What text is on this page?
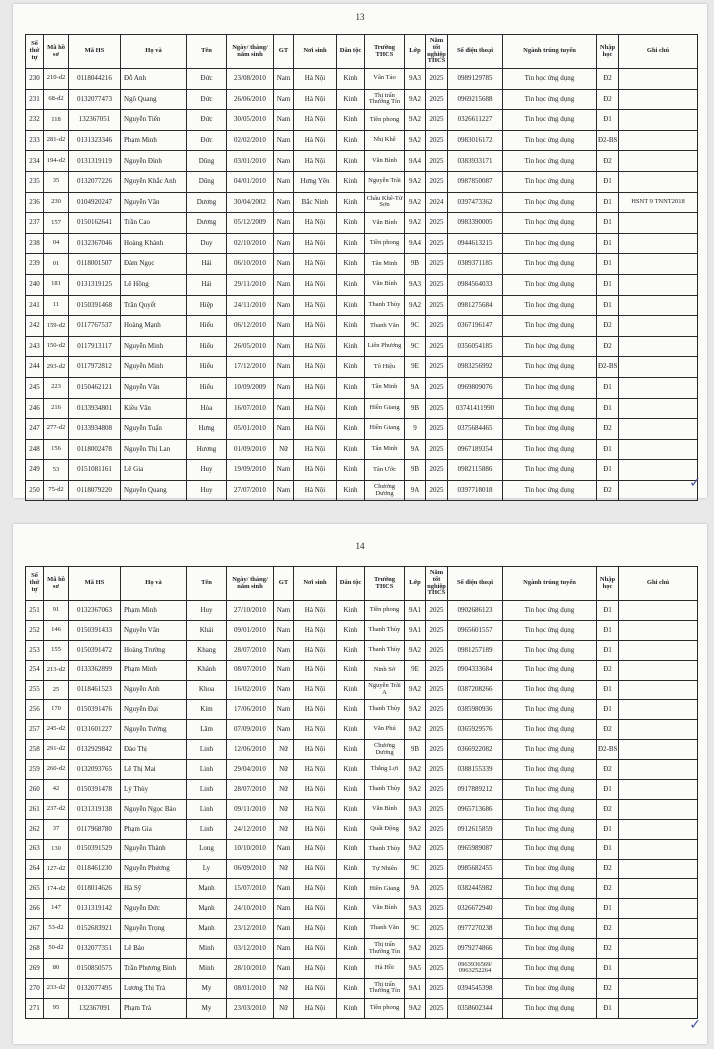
13
Số thứ tự	Mã hồ sơ	Mã HS	Họ và	Tên	Ngày/ tháng/ năm sinh	GT	Nơi sinh	Dân tộc	Trường THCS	Lớp	Năm tốt nghiệp THCS	Số điện thoại	Ngành trúng tuyển	Nhập học	Ghi chú
230	210-d2	0118044216	Đỗ Anh	Đức	23/08/2010	Nam	Hà Nội	Kinh	Vân Tảo	9A3	2025	0989129785	Tin học ứng dụng	Đ2	
231	68-d2	0132077473	Ngô Quang	Đức	26/06/2010	Nam	Hà Nội	Kinh	Thị trấn Thường Tín	9A2	2025	0969215688	Tin học ứng dụng	Đ2	
232	118	132367051	Nguyễn Tiến	Đức	30/05/2010	Nam	Hà Nội	Kinh	Tiền phong	9A2	2025	0326611227	Tin học ứng dụng	Đ1	
233	281-d2	0131323346	Phạm Minh	Đức	02/02/2010	Nam	Hà Nội	Kinh	Nhị Khê	9A2	2025	0983016172	Tin học ứng dụng	Đ2-BS	
234	194-d2	0131319119	Nguyễn Đình	Dũng	03/01/2010	Nam	Hà Nội	Kinh	Văn Bình	9A4	2025	0383933171	Tin học ứng dụng	Đ2	
235	35	0132077226	Nguyễn Khắc Anh	Dũng	04/01/2010	Nam	Hưng Yên	Kinh	Nguyễn Trãi	9A2	2025	0987850087	Tin học ứng dụng	Đ1	
236	230	0104920247	Nguyễn Văn	Dương	30/04/2002	Nam	Bắc Ninh	Kinh	Châu Khê-Từ Sơn	9A2	2024	0397473362	Tin học ứng dụng	Đ1	HSNT 9 TNNT2018
237	157	0150162641	Trần Cao	Dương	05/12/2009	Nam	Hà Nội	Kinh	Văn Bình	9A2	2025	0983390005	Tin học ứng dụng	Đ1	
238	04	0132367046	Hoàng Khánh	Duy	02/10/2010	Nam	Hà Nội	Kinh	Tiền phong	9A4	2025	0944613215	Tin học ứng dụng	Đ1	
239	01	0118001507	Đàm Ngọc	Hải	06/10/2010	Nam	Hà Nội	Kinh	Tân Minh	9B	2025	0389371185	Tin học ứng dụng	Đ1	
240	181	0131319125	Lê Hồng	Hải	29/11/2010	Nam	Hà Nội	Kinh	Văn Bình	9A3	2025	0984564033	Tin học ứng dụng	Đ1	
241	11	0150391468	Trần Quyết	Hiệp	24/11/2010	Nam	Hà Nội	Kinh	Thanh Thùy	9A2	2025	0981275684	Tin học ứng dụng	Đ1	
242	159-d2	0117767537	Hoàng Mạnh	Hiếu	06/12/2010	Nam	Hà Nội	Kinh	Thanh Văn	9C	2025	0367196147	Tin học ứng dụng	Đ2	
243	150-d2	0117913117	Nguyễn Minh	Hiếu	26/05/2010	Nam	Hà Nội	Kinh	Liên Phương	9C	2025	0356054185	Tin học ứng dụng	Đ2	
244	293-d2	0117972812	Nguyễn Minh	Hiếu	17/12/2010	Nam	Hà Nội	Kinh	Tô Hiệu	9E	2025	0983256992	Tin học ứng dụng	Đ2-BS	
245	223	0150462121	Nguyễn Văn	Hiếu	10/09/2009	Nam	Hà Nội	Kinh	Tân Minh	9A	2025	0969809076	Tin học ứng dụng	Đ1	
246	216	0133934801	Kiều Văn	Hòa	16/07/2010	Nam	Hà Nội	Kinh	Hiền Giang	9B	2025	03741411990	Tin học ứng dụng	Đ1	
247	277-d2	0133934808	Nguyễn Tuấn	Hưng	05/01/2010	Nam	Hà Nội	Kinh	Hiền Giang	9	2025	0375684465	Tin học ứng dụng	Đ2	
248	156	0118002478	Nguyễn Thị Lan	Hương	01/09/2010	Nữ	Hà Nội	Kinh	Tân Minh	9A	2025	0967189354	Tin học ứng dụng	Đ1	
249	53	0151081161	Lê Gia	Huy	19/09/2010	Nam	Hà Nội	Kinh	Tân Ước	9B	2025	0982115886	Tin học ứng dụng	Đ1	
250	75-d2	0118079220	Nguyễn Quang	Huy	27/07/2010	Nam	Hà Nội	Kinh	Chương Dương	9A	2025	0397718018	Tin học ứng dụng	Đ2		✓
14
Số thứ tự	Mã hồ sơ	Mã HS	Họ và	Tên	Ngày/ tháng/ năm sinh	GT	Nơi sinh	Dân tộc	Trường THCS	Lớp	Năm tốt nghiệp THCS	Số điện thoại	Ngành trúng tuyển	Nhập học	Ghi chú
251	91	0132367063	Phạm Minh	Huy	27/10/2010	Nam	Hà Nội	Kinh	Tiền phong	9A1	2025	0902686123	Tin học ứng dụng	Đ1	
252	146	0150391433	Nguyễn Văn	Khải	09/01/2010	Nam	Hà Nội	Kinh	Thanh Thùy	9A1	2025	0965601557	Tin học ứng dụng	Đ1	
253	155	0150391472	Hoàng Trường	Khang	28/07/2010	Nam	Hà Nội	Kinh	Thanh Thùy	9A2	2025	0981257189	Tin học ứng dụng	Đ1	
254	213-d2	0133362899	Phạm Minh	Khánh	08/07/2010	Nam	Hà Nội	Kinh	Ninh Sở	9E	2025	0904333684	Tin học ứng dụng	Đ2	
255	25	0118461523	Nguyễn Anh	Khoa	16/02/2010	Nam	Hà Nội	Kinh	Nguyễn Trãi A	9A2	2025	0387208266	Tin học ứng dụng	Đ1	
256	170	0150391476	Nguyễn Đại	Kim	17/06/2010	Nam	Hà Nội	Kinh	Thanh Thùy	9A2	2025	0385980936	Tin học ứng dụng	Đ1	
257	245-d2	0131601227	Nguyễn Tường	Lâm	07/09/2010	Nam	Hà Nội	Kinh	Văn Phú	9A2	2025	0365929576	Tin học ứng dụng	Đ2	
258	291-d2	0132929842	Đào Thị	Linh	12/06/2010	Nữ	Hà Nội	Kinh	Chương Dương	9B	2025	0366922082	Tin học ứng dụng	Đ2-BS	
259	260-d2	0132093765	Lê Thị Mai	Linh	29/04/2010	Nữ	Hà Nội	Kinh	Thắng Lợi	9A2	2025	0388155339	Tin học ứng dụng	Đ2	
260	42	0150391478	Lý Thùy	Linh	28/07/2010	Nữ	Hà Nội	Kinh	Thanh Thùy	9A2	2025	0917889212	Tin học ứng dụng	Đ1	
261	237-d2	0131319138	Nguyễn Ngọc Bảo	Linh	09/11/2010	Nữ	Hà Nội	Kinh	Văn Bình	9A3	2025	0965713686	Tin học ứng dụng	Đ2	
262	37	0117968780	Phạm Gia	Linh	24/12/2010	Nữ	Hà Nội	Kinh	Quất Động	9A2	2025	0912615859	Tin học ứng dụng	Đ1	
263	130	0150391529	Nguyễn Thành	Long	10/10/2010	Nam	Hà Nội	Kinh	Thanh Thùy	9A2	2025	0965989087	Tin học ứng dụng	Đ1	
264	127-d2	0118461230	Nguyễn Phương	Ly	06/09/2010	Nữ	Hà Nội	Kinh	Tự Nhiên	9C	2025	0985682455	Tin học ứng dụng	Đ2	
265	174-d2	0118014626	Hà Sỹ	Mạnh	15/07/2010	Nam	Hà Nội	Kinh	Hiền Giang	9A	2025	0382445982	Tin học ứng dụng	Đ2	
266	147	0131319142	Nguyễn Đức	Mạnh	24/10/2010	Nam	Hà Nội	Kinh	Văn Bình	9A3	2025	0326672940	Tin học ứng dụng	Đ1	
267	53-d2	0152683921	Nguyễn Trọng	Mạnh	23/12/2010	Nam	Hà Nội	Kinh	Thanh Văn	9C	2025	0977270238	Tin học ứng dụng	Đ2	
268	50-d2	0132077351	Lê Bảo	Minh	03/12/2010	Nam	Hà Nội	Kinh	Thị trấn Thường Tín	9A2	2025	0979274866	Tin học ứng dụng	Đ2	
269	80	0150850575	Trần Phương Bình	Minh	28/10/2010	Nam	Hà Nội	Kinh	Hà Hồi	9A5	2025	0963936569/ 0963252264	Tin học ứng dụng	Đ1	
270	233-d2	0132077495	Lương Thị Trà	My	08/01/2010	Nữ	Hà Nội	Kinh	Thị trấn Thường Tín	9A1	2025	0394545398	Tin học ứng dụng	Đ2	
271	95	132367091	Phạm Trà	My	23/03/2010	Nữ	Hà Nội	Kinh	Tiền phong	9A2	2025	0358602344	Tin học ứng dụng	Đ1	
✓
